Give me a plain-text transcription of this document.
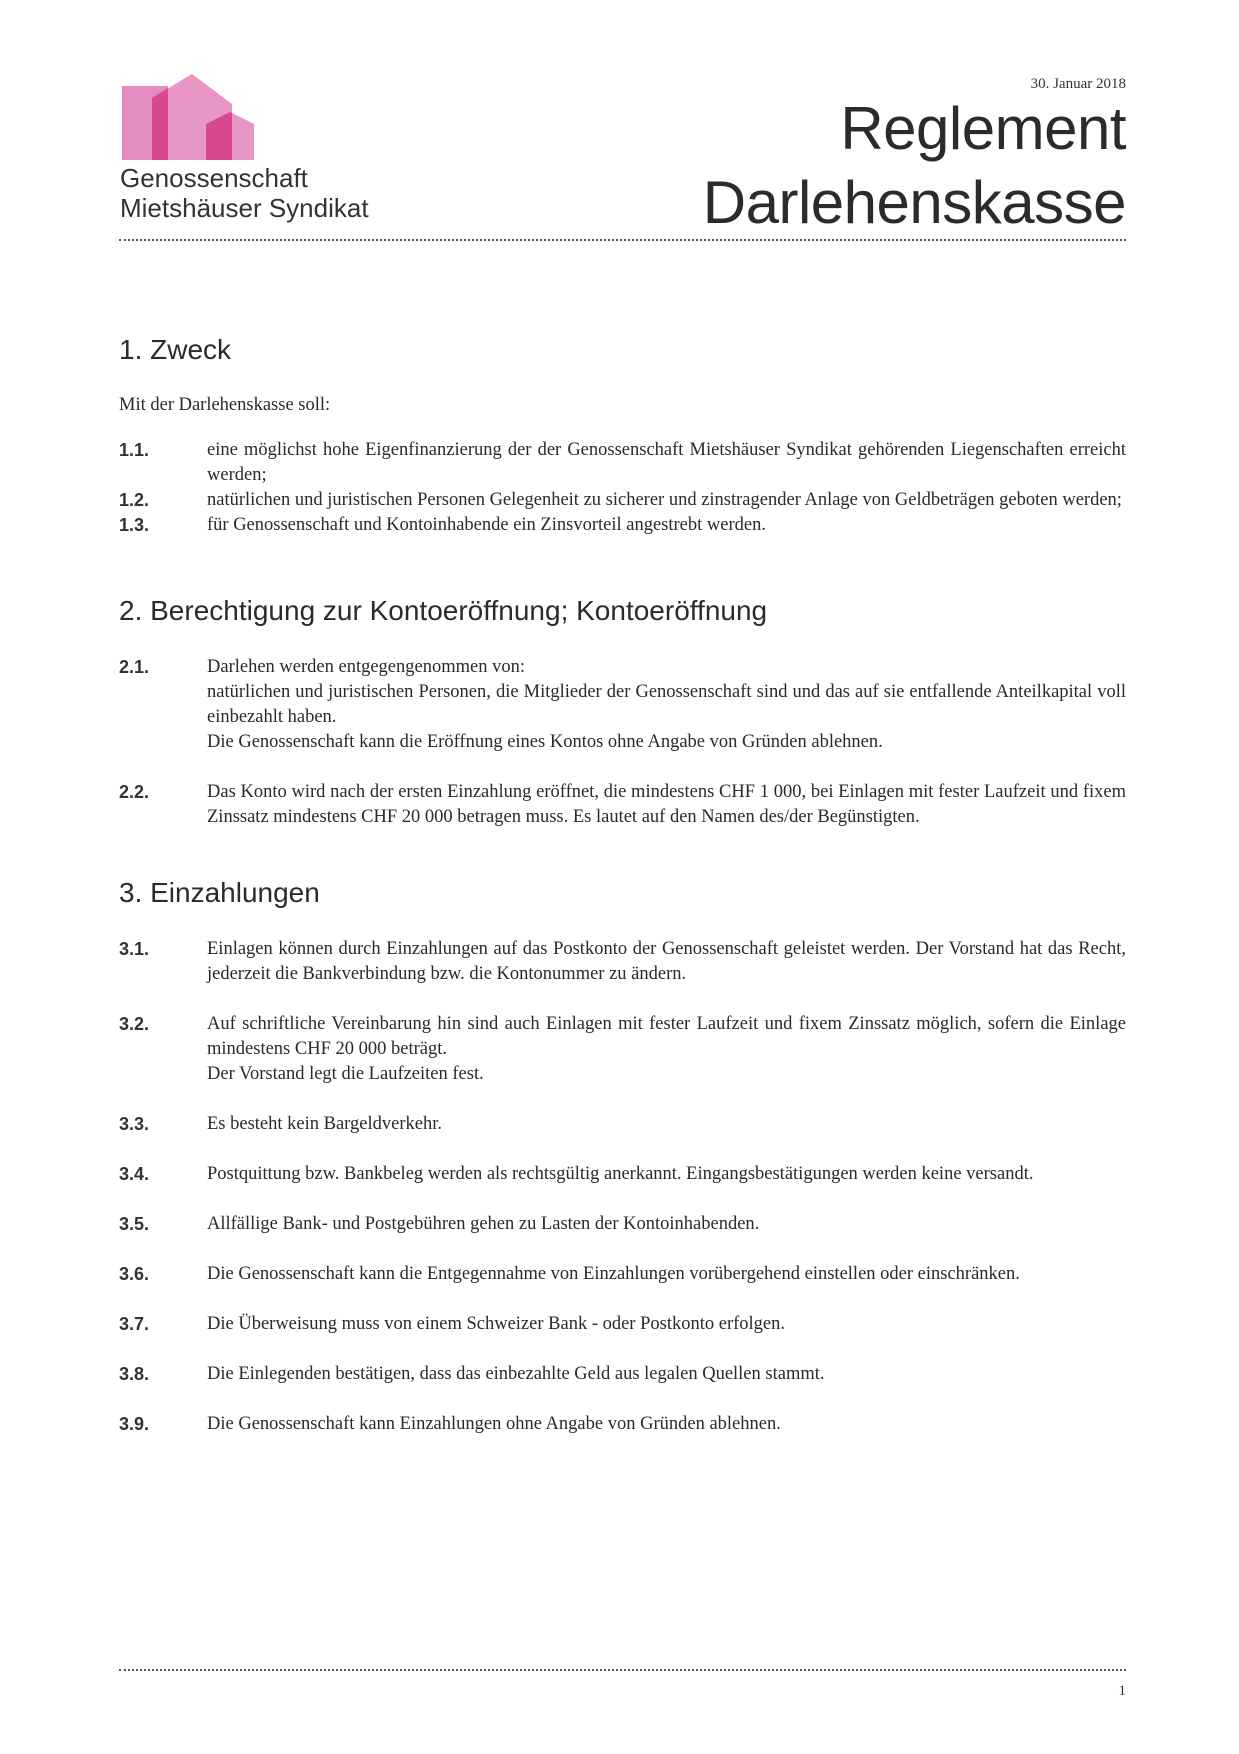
Genossenschaft
Mietshäuser Syndikat
30. Januar 2018
Reglement
Darlehenskasse
1. Zweck
Mit der Darlehenskasse soll:
1.1.	eine möglichst hohe Eigenfinanzierung der der Genossenschaft Mietshäuser Syndikat gehörenden Liegenschaften erreicht werden;
1.2.	natürlichen und juristischen Personen Gelegenheit zu sicherer und zinstragender Anlage von Geldbeträgen geboten werden;
1.3.	für Genossenschaft und Kontoinhabende ein Zinsvorteil angestrebt werden.
2. Berechtigung zur Kontoeröffnung; Kontoeröffnung
2.1.	Darlehen werden entgegengenommen von:
natürlichen und juristischen Personen, die Mitglieder der Genossenschaft sind und das auf sie entfallende Anteilkapital voll einbezahlt haben.
Die Genossenschaft kann die Eröffnung eines Kontos ohne Angabe von Gründen ablehnen.
2.2.	Das Konto wird nach der ersten Einzahlung eröffnet, die mindestens CHF 1 000, bei Einlagen mit fester Laufzeit und fixem Zinssatz mindestens CHF 20 000 betragen muss. Es lautet auf den Namen des/der Begünstigten.
3. Einzahlungen
3.1.	Einlagen können durch Einzahlungen auf das Postkonto der Genossenschaft geleistet werden. Der Vorstand hat das Recht, jederzeit die Bankverbindung bzw. die Kontonummer zu ändern.
3.2.	Auf schriftliche Vereinbarung hin sind auch Einlagen mit fester Laufzeit und fixem Zinssatz möglich, sofern die Einlage mindestens CHF 20 000 beträgt.
Der Vorstand legt die Laufzeiten fest.
3.3.	Es besteht kein Bargeldverkehr.
3.4.	Postquittung bzw. Bankbeleg werden als rechtsgültig anerkannt. Eingangsbestätigungen werden keine versandt.
3.5.	Allfällige Bank- und Postgebühren gehen zu Lasten der Kontoinhabenden.
3.6.	Die Genossenschaft kann die Entgegennahme von Einzahlungen vorübergehend einstellen oder einschränken.
3.7.	Die Überweisung muss von einem Schweizer Bank - oder Postkonto erfolgen.
3.8.	Die Einlegenden bestätigen, dass das einbezahlte Geld aus legalen Quellen stammt.
3.9.	Die Genossenschaft kann Einzahlungen ohne Angabe von Gründen ablehnen.
1
